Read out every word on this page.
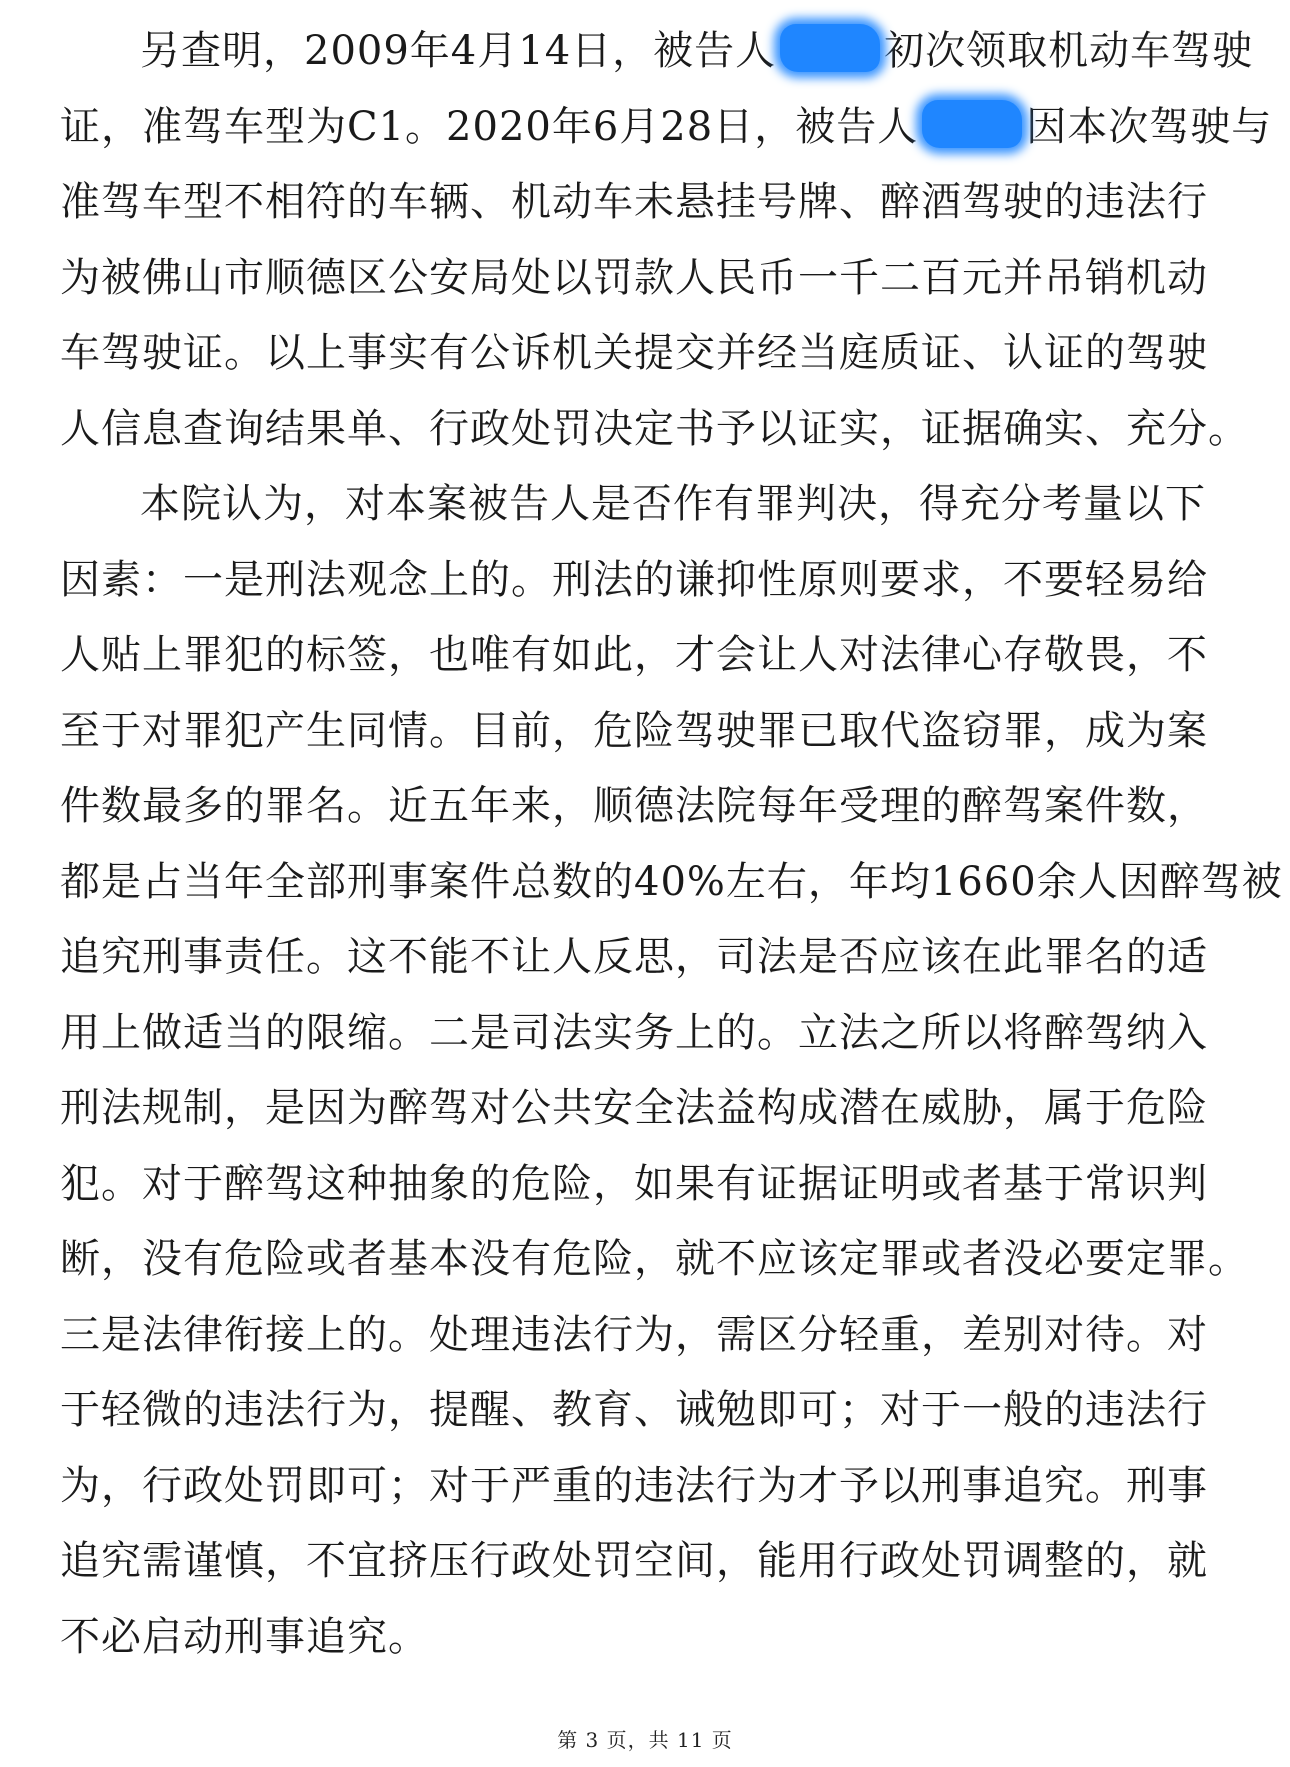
另查明，2009年4月14日，被告人	初次领取机动车驾驶
证，准驾车型为C1。2020年6月28日，被告人	因本次驾驶与
准驾车型不相符的车辆、机动车未悬挂号牌、醉酒驾驶的违法行
为被佛山市顺德区公安局处以罚款人民币一千二百元并吊销机动
车驾驶证。以上事实有公诉机关提交并经当庭质证、认证的驾驶
人信息查询结果单、行政处罚决定书予以证实，证据确实、充分。
本院认为，对本案被告人是否作有罪判决，得充分考量以下
因素：一是刑法观念上的。刑法的谦抑性原则要求，不要轻易给
人贴上罪犯的标签，也唯有如此，才会让人对法律心存敬畏，不
至于对罪犯产生同情。目前，危险驾驶罪已取代盗窃罪，成为案
件数最多的罪名。近五年来，顺德法院每年受理的醉驾案件数，
都是占当年全部刑事案件总数的40%左右，年均1660余人因醉驾被
追究刑事责任。这不能不让人反思，司法是否应该在此罪名的适
用上做适当的限缩。二是司法实务上的。立法之所以将醉驾纳入
刑法规制，是因为醉驾对公共安全法益构成潜在威胁，属于危险
犯。对于醉驾这种抽象的危险，如果有证据证明或者基于常识判
断，没有危险或者基本没有危险，就不应该定罪或者没必要定罪。
三是法律衔接上的。处理违法行为，需区分轻重，差别对待。对
于轻微的违法行为，提醒、教育、诫勉即可；对于一般的违法行
为，行政处罚即可；对于严重的违法行为才予以刑事追究。刑事
追究需谨慎，不宜挤压行政处罚空间，能用行政处罚调整的，就
不必启动刑事追究。
第 3 页，共 11 页
